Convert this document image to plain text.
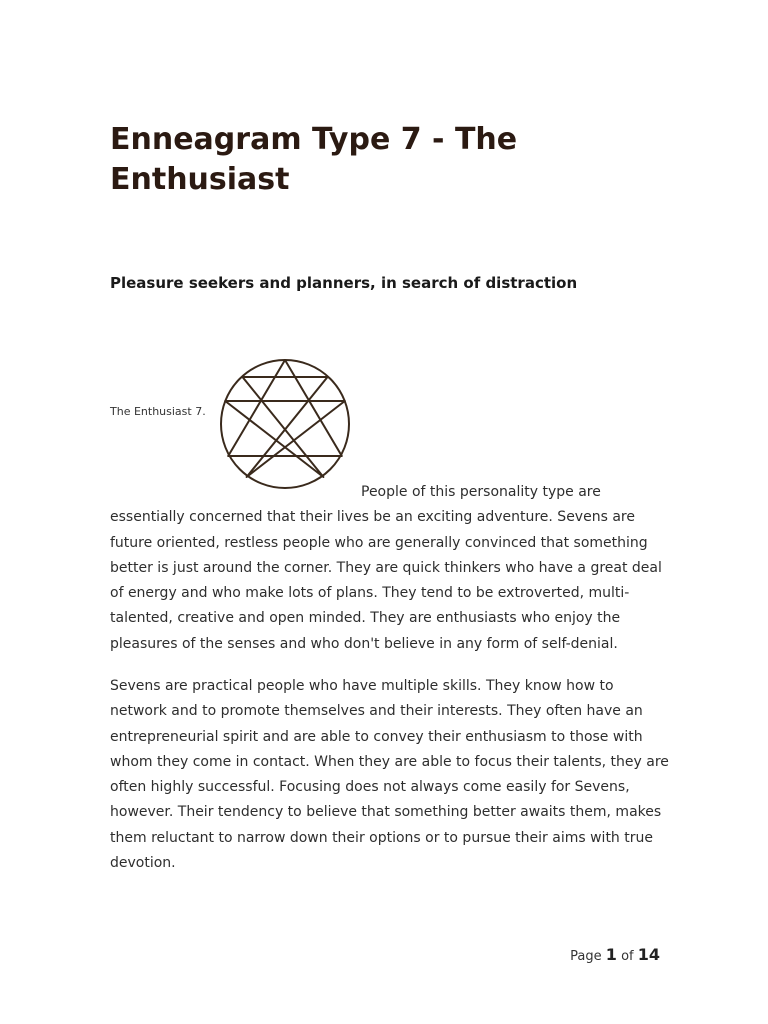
Enneagram Type 7 - The Enthusiast
Pleasure seekers and planners, in search of distraction
The Enthusiast 7.

People of this personality type are essentially concerned that their lives be an exciting adventure. Sevens are future oriented, restless people who are generally convinced that something better is just around the corner. They are quick thinkers who have a great deal of energy and who make lots of plans. They tend to be extroverted, multi-talented, creative and open minded. They are enthusiasts who enjoy the pleasures of the senses and who don't believe in any form of self-denial.

Sevens are practical people who have multiple skills. They know how to network and to promote themselves and their interests. They often have an entrepreneurial spirit and are able to convey their enthusiasm to those with whom they come in contact. When they are able to focus their talents, they are often highly successful. Focusing does not always come easily for Sevens, however. Their tendency to believe that something better awaits them, makes them reluctant to narrow down their options or to pursue their aims with true devotion.

Page 1 of 14
